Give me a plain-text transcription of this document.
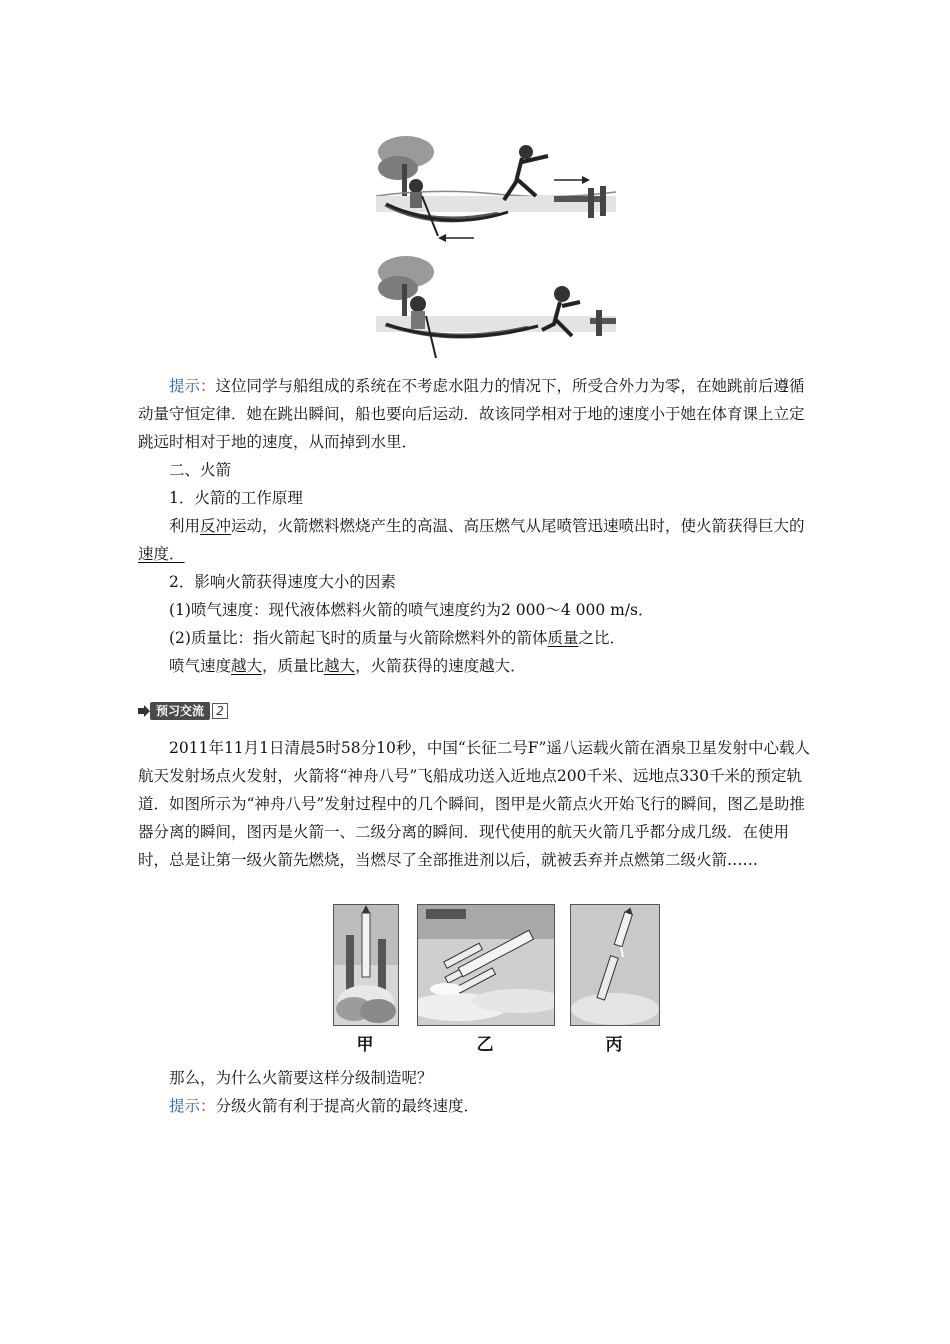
提示：这位同学与船组成的系统在不考虑水阻力的情况下，所受合外力为零，在她跳前后遵循动量守恒定律．她在跳出瞬间，船也要向后运动．故该同学相对于地的速度小于她在体育课上立定跳远时相对于地的速度，从而掉到水里．

二、火箭

1．火箭的工作原理

利用反冲运动，火箭燃料燃烧产生的高温、高压燃气从尾喷管迅速喷出时，使火箭获得巨大的速度．

2．影响火箭获得速度大小的因素

(1)喷气速度：现代液体燃料火箭的喷气速度约为2 000～4 000 m/s．

(2)质量比：指火箭起飞时的质量与火箭除燃料外的箭体质量之比．

喷气速度越大，质量比越大，火箭获得的速度越大．

预习交流	2

2011年11月1日清晨5时58分10秒，中国“长征二号F”遥八运载火箭在酒泉卫星发射中心载人航天发射场点火发射，火箭将“神舟八号”飞船成功送入近地点200千米、远地点330千米的预定轨道．如图所示为“神舟八号”发射过程中的几个瞬间，图甲是火箭点火开始飞行的瞬间，图乙是助推器分离的瞬间，图丙是火箭一、二级分离的瞬间．现代使用的航天火箭几乎都分成几级．在使用时，总是让第一级火箭先燃烧，当燃尽了全部推进剂以后，就被丢弃并点燃第二级火箭……

甲	乙	丙

那么，为什么火箭要这样分级制造呢？

提示：分级火箭有利于提高火箭的最终速度．
